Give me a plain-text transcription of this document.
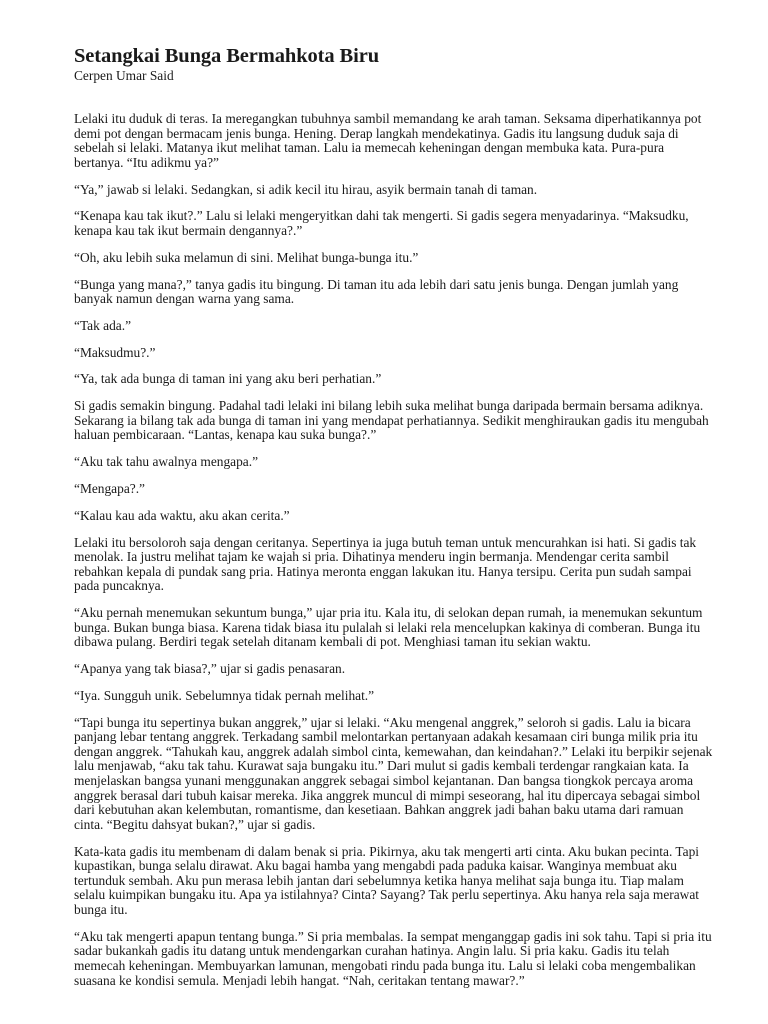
Setangkai Bunga Bermahkota Biru
Cerpen Umar Said

Lelaki itu duduk di teras. Ia meregangkan tubuhnya sambil memandang ke arah taman. Seksama diperhatikannya pot demi pot dengan bermacam jenis bunga. Hening. Derap langkah mendekatinya. Gadis itu langsung duduk saja di sebelah si lelaki. Matanya ikut melihat taman. Lalu ia memecah keheningan dengan membuka kata. Pura-pura bertanya. “Itu adikmu ya?”

“Ya,” jawab si lelaki. Sedangkan, si adik kecil itu hirau, asyik bermain tanah di taman.

“Kenapa kau tak ikut?.” Lalu si lelaki mengeryitkan dahi tak mengerti. Si gadis segera menyadarinya. “Maksudku, kenapa kau tak ikut bermain dengannya?.”

“Oh, aku lebih suka melamun di sini. Melihat bunga-bunga itu.”

“Bunga yang mana?,” tanya gadis itu bingung. Di taman itu ada lebih dari satu jenis bunga. Dengan jumlah yang banyak namun dengan warna yang sama.

“Tak ada.”

“Maksudmu?.”

“Ya, tak ada bunga di taman ini yang aku beri perhatian.”

Si gadis semakin bingung. Padahal tadi lelaki ini bilang lebih suka melihat bunga daripada bermain bersama adiknya. Sekarang ia bilang tak ada bunga di taman ini yang mendapat perhatiannya. Sedikit menghiraukan gadis itu mengubah haluan pembicaraan. “Lantas, kenapa kau suka bunga?.”

“Aku tak tahu awalnya mengapa.”

“Mengapa?.”

“Kalau kau ada waktu, aku akan cerita.”

Lelaki itu bersoloroh saja dengan ceritanya. Sepertinya ia juga butuh teman untuk mencurahkan isi hati. Si gadis tak menolak. Ia justru melihat tajam ke wajah si pria. Dihatinya menderu ingin bermanja. Mendengar cerita sambil rebahkan kepala di pundak sang pria. Hatinya meronta enggan lakukan itu. Hanya tersipu. Cerita pun sudah sampai pada puncaknya.

“Aku pernah menemukan sekuntum bunga,” ujar pria itu. Kala itu, di selokan depan rumah, ia menemukan sekuntum bunga. Bukan bunga biasa. Karena tidak biasa itu pulalah si lelaki rela mencelupkan kakinya di comberan. Bunga itu dibawa pulang. Berdiri tegak setelah ditanam kembali di pot. Menghiasi taman itu sekian waktu.

“Apanya yang tak biasa?,” ujar si gadis penasaran.

“Iya. Sungguh unik. Sebelumnya tidak pernah melihat.”

“Tapi bunga itu sepertinya bukan anggrek,” ujar si lelaki. “Aku mengenal anggrek,” seloroh si gadis. Lalu ia bicara panjang lebar tentang anggrek. Terkadang sambil melontarkan pertanyaan adakah kesamaan ciri bunga milik pria itu dengan anggrek. “Tahukah kau, anggrek adalah simbol cinta, kemewahan, dan keindahan?.” Lelaki itu berpikir sejenak lalu menjawab, “aku tak tahu. Kurawat saja bungaku itu.” Dari mulut si gadis kembali terdengar rangkaian kata. Ia menjelaskan bangsa yunani menggunakan anggrek sebagai simbol kejantanan. Dan bangsa tiongkok percaya aroma anggrek berasal dari tubuh kaisar mereka. Jika anggrek muncul di mimpi seseorang, hal itu dipercaya sebagai simbol dari kebutuhan akan kelembutan, romantisme, dan kesetiaan. Bahkan anggrek jadi bahan baku utama dari ramuan cinta. “Begitu dahsyat bukan?,” ujar si gadis.

Kata-kata gadis itu membenam di dalam benak si pria. Pikirnya, aku tak mengerti arti cinta. Aku bukan pecinta. Tapi kupastikan, bunga selalu dirawat. Aku bagai hamba yang mengabdi pada paduka kaisar. Wanginya membuat aku tertunduk sembah. Aku pun merasa lebih jantan dari sebelumnya ketika hanya melihat saja bunga itu. Tiap malam selalu kuimpikan bungaku itu. Apa ya istilahnya? Cinta? Sayang? Tak perlu sepertinya. Aku hanya rela saja merawat bunga itu.

“Aku tak mengerti apapun tentang bunga.” Si pria membalas. Ia sempat menganggap gadis ini sok tahu. Tapi si pria itu sadar bukankah gadis itu datang untuk mendengarkan curahan hatinya. Angin lalu. Si pria kaku. Gadis itu telah memecah keheningan. Membuyarkan lamunan, mengobati rindu pada bunga itu. Lalu si lelaki coba mengembalikan suasana ke kondisi semula. Menjadi lebih hangat. “Nah, ceritakan tentang mawar?.”
